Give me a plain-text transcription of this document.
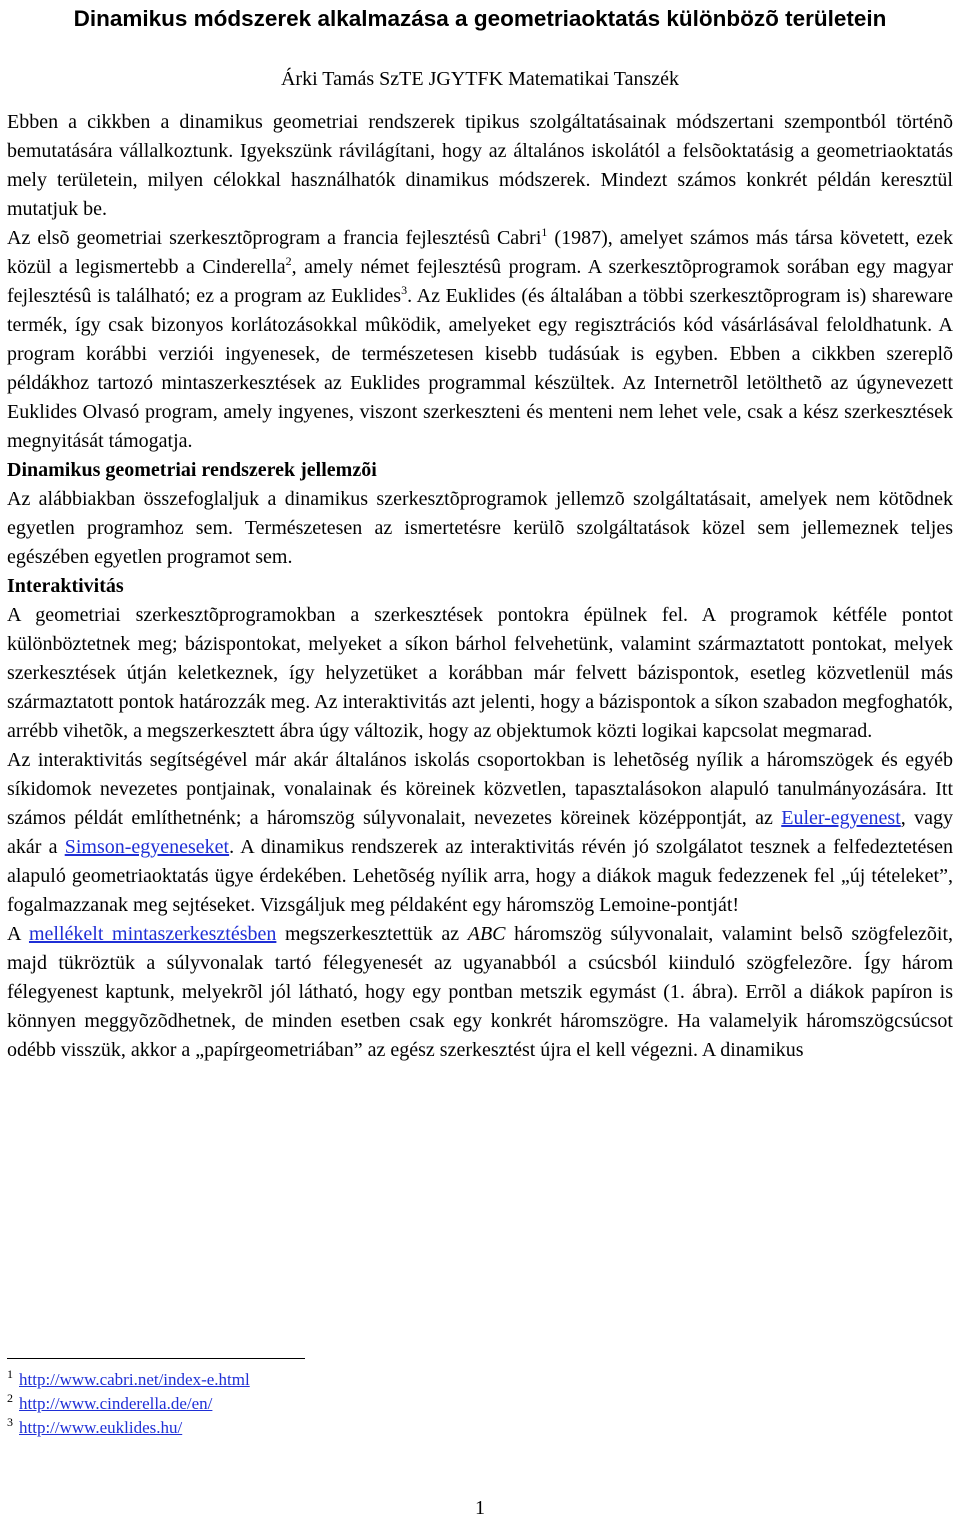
Dinamikus módszerek alkalmazása a geometriaoktatás különbözõ területein
Árki Tamás SzTE JGYTFK Matematikai Tanszék

Ebben a cikkben a dinamikus geometriai rendszerek tipikus szolgáltatásainak módszertani szempontból történõ bemutatására vállalkoztunk. Igyekszünk rávilágítani, hogy az általános iskolától a felsõoktatásig a geometriaoktatás mely területein, milyen célokkal használhatók dinamikus módszerek. Mindezt számos konkrét példán keresztül mutatjuk be.

Az elsõ geometriai szerkesztõprogram a francia fejlesztésû Cabri$^1$ (1987), amelyet számos más társa követett, ezek közül a legismertebb a Cinderella$^2$, amely német fejlesztésû program. A szerkesztõprogramok sorában egy magyar fejlesztésû is található; ez a program az Euklides$^3$. Az Euklides (és általában a többi szerkesztõprogram is) shareware termék, így csak bizonyos korlátozásokkal mûködik, amelyeket egy regisztrációs kód vásárlásával feloldhatunk. A program korábbi verziói ingyenesek, de természetesen kisebb tudásúak is egyben. Ebben a cikkben szereplõ példákhoz tartozó mintaszerkesztések az Euklides programmal készültek. Az Internetrõl letölthetõ az úgynevezett Euklides Olvasó program, amely ingyenes, viszont szerkeszteni és menteni nem lehet vele, csak a kész szerkesztések megnyitását támogatja.

Dinamikus geometriai rendszerek jellemzõi

Az alábbiakban összefoglaljuk a dinamikus szerkesztõprogramok jellemzõ szolgáltatásait, amelyek nem kötõdnek egyetlen programhoz sem. Természetesen az ismertetésre kerülõ szolgáltatások közel sem jellemeznek teljes egészében egyetlen programot sem.

Interaktivitás

A geometriai szerkesztõprogramokban a szerkesztések pontokra épülnek fel. A programok kétféle pontot különböztetnek meg; bázispontokat, melyeket a síkon bárhol felvehetünk, valamint származtatott pontokat, melyek szerkesztések útján keletkeznek, így helyzetüket a korábban már felvett bázispontok, esetleg közvetlenül más származtatott pontok határozzák meg. Az interaktivitás azt jelenti, hogy a bázispontok a síkon szabadon megfoghatók, arrébb vihetõk, a megszerkesztett ábra úgy változik, hogy az objektumok közti logikai kapcsolat megmarad.

Az interaktivitás segítségével már akár általános iskolás csoportokban is lehetõség nyílik a háromszögek és egyéb síkidomok nevezetes pontjainak, vonalainak és köreinek közvetlen, tapasztalásokon alapuló tanulmányozására. Itt számos példát említhetnénk; a háromszög súlyvonalait, nevezetes köreinek középpontját, az Euler-egyenest, vagy akár a Simson-egyeneseket. A dinamikus rendszerek az interaktivitás révén jó szolgálatot tesznek a felfedeztetésen alapuló geometriaoktatás ügye érdekében. Lehetõség nyílik arra, hogy a diákok maguk fedezzenek fel „új tételeket”, fogalmazzanak meg sejtéseket. Vizsgáljuk meg példaként egy háromszög Lemoine-pontját!

A mellékelt mintaszerkesztésben megszerkesztettük az ABC háromszög súlyvonalait, valamint belsõ szögfelezõit, majd tükröztük a súlyvonalak tartó félegyenesét az ugyanabból a csúcsból kiinduló szögfelezõre. Így három félegyenest kaptunk, melyekrõl jól látható, hogy egy pontban metszik egymást (1. ábra). Errõl a diákok papíron is könnyen meggyõzõdhetnek, de minden esetben csak egy konkrét háromszögre. Ha valamelyik háromszögcsúcsot odébb visszük, akkor a „papírgeometriában” az egész szerkesztést újra el kell végezni. A dinamikus

1 http://www.cabri.net/index-e.html
2 http://www.cinderella.de/en/
3 http://www.euklides.hu/
1
